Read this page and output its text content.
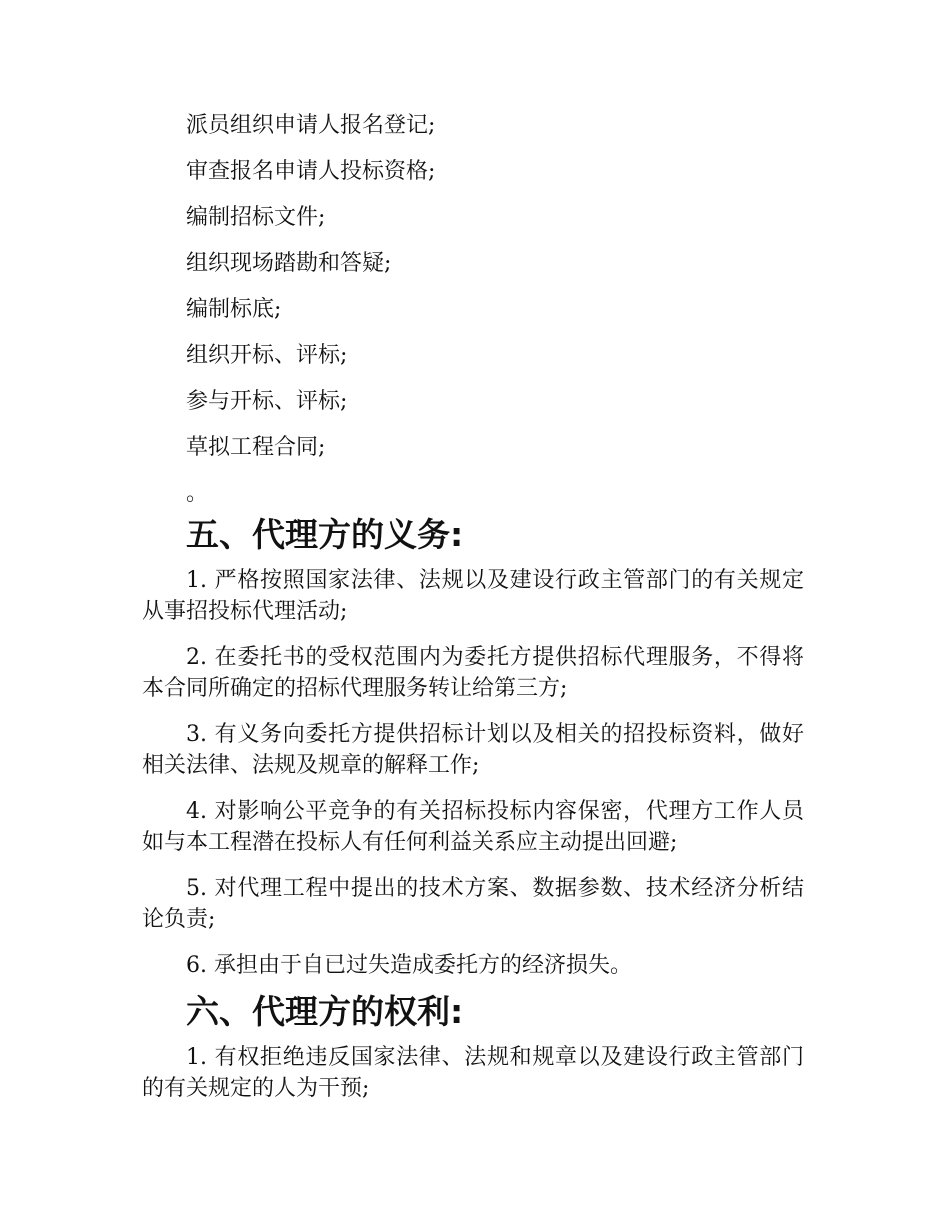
派员组织申请人报名登记;

审查报名申请人投标资格;

编制招标文件;

组织现场踏勘和答疑;

编制标底;

组织开标、评标;

参与开标、评标;

草拟工程合同;

。

五、代理方的义务:

1. 严格按照国家法律、法规以及建设行政主管部门的有关规定从事招投标代理活动;

2. 在委托书的受权范围内为委托方提供招标代理服务，不得将本合同所确定的招标代理服务转让给第三方;

3. 有义务向委托方提供招标计划以及相关的招投标资料，做好相关法律、法规及规章的解释工作;

4. 对影响公平竞争的有关招标投标内容保密，代理方工作人员如与本工程潜在投标人有任何利益关系应主动提出回避;

5. 对代理工程中提出的技术方案、数据参数、技术经济分析结论负责;

6. 承担由于自已过失造成委托方的经济损失。

六、代理方的权利:

1. 有权拒绝违反国家法律、法规和规章以及建设行政主管部门的有关规定的人为干预;
